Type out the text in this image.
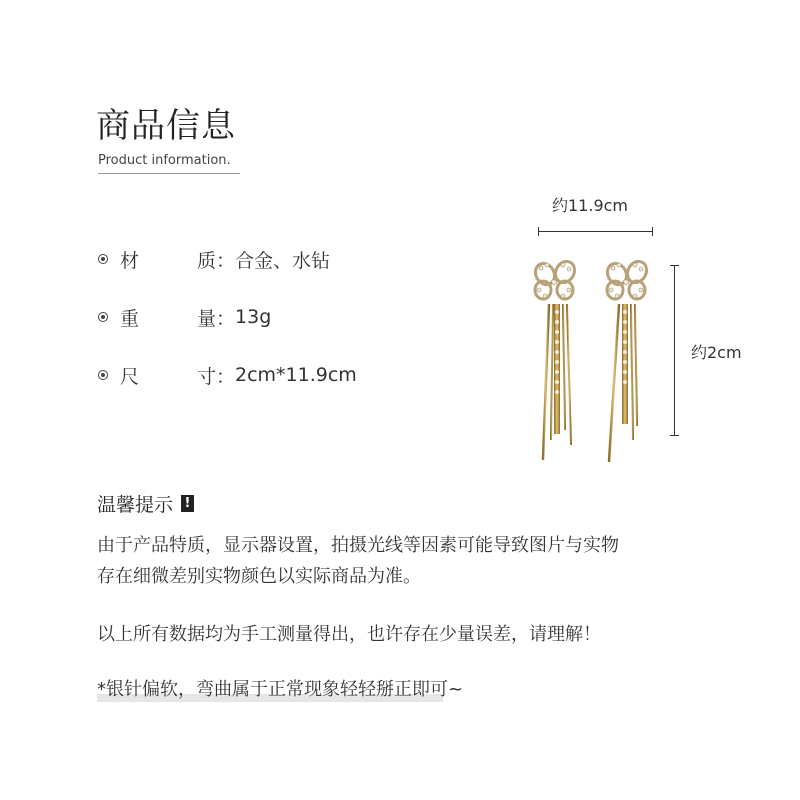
商品信息
Product information.
材	质 ： 合金、水钻
重	量 ： 13g
尺	寸 ： 2cm*11.9cm
约11.9cm
约2cm
温馨提示 !
由于产品特质，显示器设置，拍摄光线等因素可能导致图片与实物
存在细微差别实物颜色以实际商品为准。
以上所有数据均为手工测量得出，也许存在少量误差，请理解！
*银针偏软，弯曲属于正常现象轻轻掰正即可~
